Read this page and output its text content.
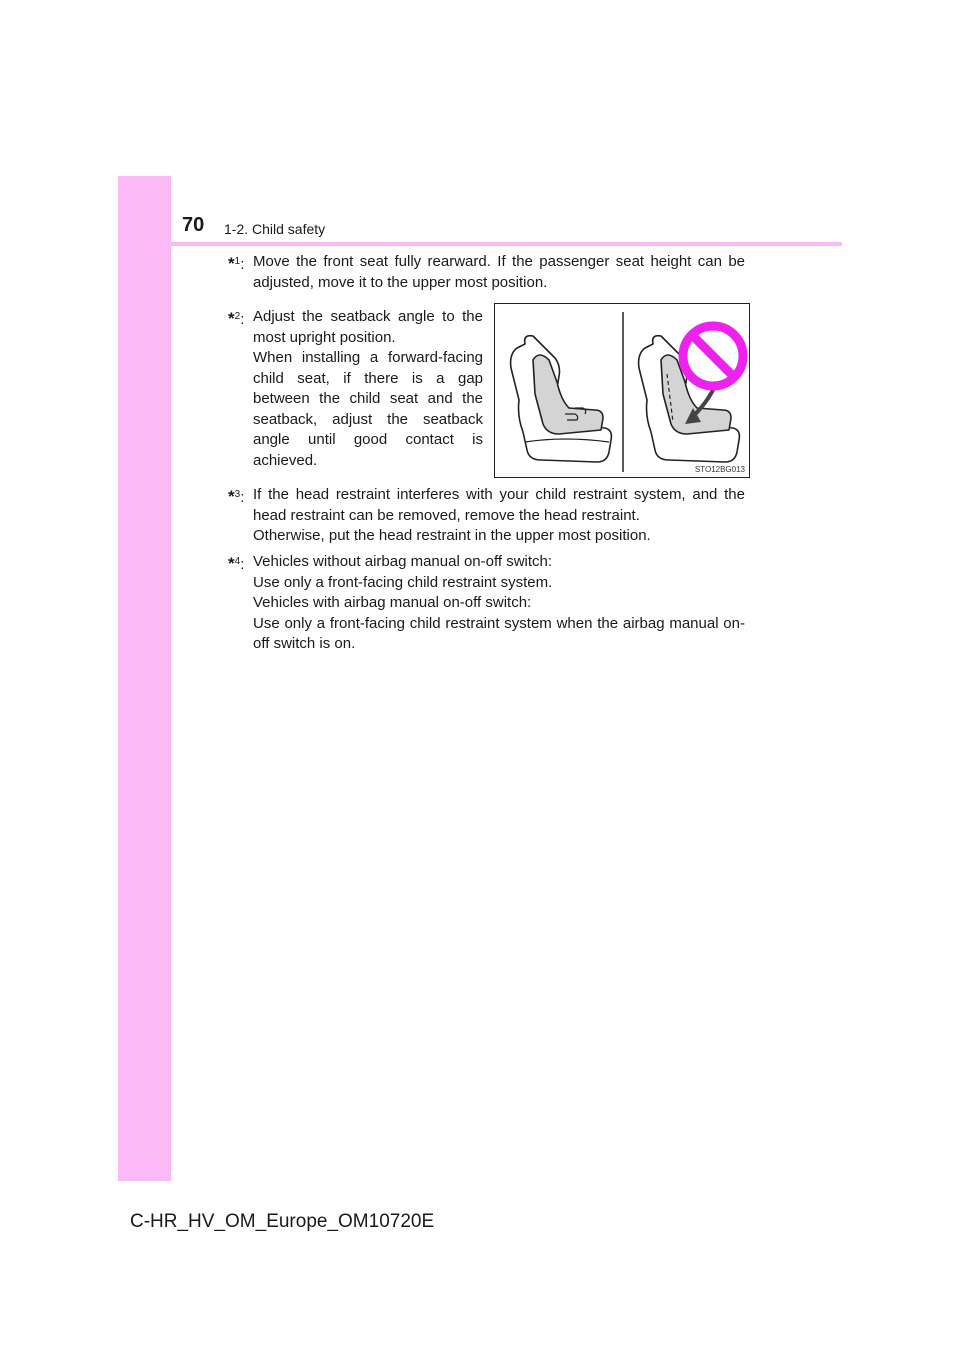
70 1-2. Child safety
*$^1$: Move the front seat fully rearward. If the passenger seat height can be adjusted, move it to the upper most position.

*$^2$: Adjust the seatback angle to the most upright position.

When installing a forward-facing child seat, if there is a gap between the child seat and the seatback, adjust the seatback angle until good contact is achieved.

STO12BG013
*$^3$: If the head restraint interferes with your child restraint system, and the head restraint can be removed, remove the head restraint.

Otherwise, put the head restraint in the upper most position.

*$^4$: Vehicles without airbag manual on-off switch:

Use only a front-facing child restraint system.

Vehicles with airbag manual on-off switch:

Use only a front-facing child restraint system when the airbag manual on-off switch is on.

C-HR_HV_OM_Europe_OM10720E
